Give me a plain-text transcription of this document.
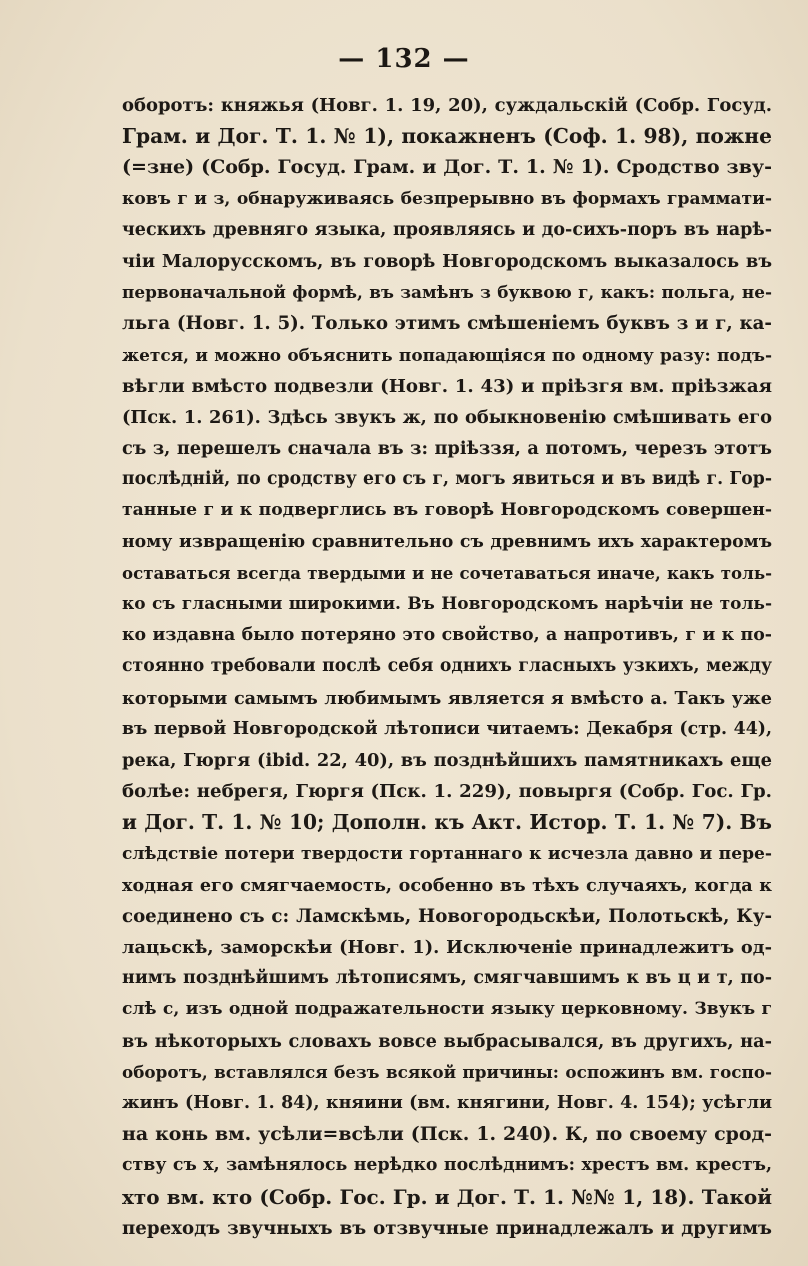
— 132 —
оборотъ: княжья (Новг. 1. 19, 20), суждальскій (Собр. Госуд.
Грам. и Дог. Т. 1. № 1), покажненъ (Соф. 1. 98), пожне
(=зне) (Собр. Госуд. Грам. и Дог. Т. 1. № 1). Сродство зву-
ковъ г и з, обнаруживаясь безпрерывно въ формахъ граммати-
ческихъ древняго языка, проявляясь и до-сихъ-поръ въ нарѣ-
чіи Малорусскомъ, въ говорѣ Новгородскомъ выказалось въ
первоначальной формѣ, въ замѣнъ з буквою г, какъ: польга, не-
льга (Новг. 1. 5). Только этимъ смѣшеніемъ буквъ з и г, ка-
жется, и можно объяснить попадающіяся по одному разу: подъ-
вѣгли вмѣсто подвезли (Новг. 1. 43) и пріѣзгя вм. пріѣзжая
(Пск. 1. 261). Здѣсь звукъ ж, по обыкновенію смѣшивать его
съ з, перешелъ сначала въ з: пріѣззя, а потомъ, черезъ этотъ
послѣдній, по сродству его съ г, могъ явиться и въ видѣ г. Гор-
танные г и к подверглись въ говорѣ Новгородскомъ совершен-
ному извращенію сравнительно съ древнимъ ихъ характеромъ
оставаться всегда твердыми и не сочетаваться иначе, какъ толь-
ко съ гласными широкими. Въ Новгородскомъ нарѣчіи не толь-
ко издавна было потеряно это свойство, а напротивъ, г и к по-
стоянно требовали послѣ себя однихъ гласныхъ узкихъ, между
которыми самымъ любимымъ является я вмѣсто а. Такъ уже
въ первой Новгородской лѣтописи читаемъ: Декабря (стр. 44),
река, Гюргя (ibid. 22, 40), въ позднѣйшихъ памятникахъ еще
болѣе: небрегя, Гюргя (Пск. 1. 229), повыргя (Собр. Гос. Гр.
и Дог. Т. 1. № 10; Дополн. къ Акт. Истор. Т. 1. № 7). Въ
слѣдствіе потери твердости гортаннаго к исчезла давно и пере-
ходная его смягчаемость, особенно въ тѣхъ случаяхъ, когда к
соединено съ с: Ламскѣмь, Новогородьскѣи, Полотьскѣ, Ку-
лацьскѣ, заморскѣи (Новг. 1). Исключеніе принадлежитъ од-
нимъ позднѣйшимъ лѣтописямъ, смягчавшимъ к въ ц и т, по-
слѣ с, изъ одной подражательности языку церковному. Звукъ г
въ нѣкоторыхъ словахъ вовсе выбрасывался, въ другихъ, на-
оборотъ, вставлялся безъ всякой причины: оспожинъ вм. госпо-
жинъ (Новг. 1. 84), княини (вм. княгини, Новг. 4. 154); усѣгли
на конь вм. усѣли=всѣли (Пск. 1. 240). К, по своему срод-
ству съ х, замѣнялось нерѣдко послѣднимъ: хрестъ вм. крестъ,
хто вм. кто (Собр. Гос. Гр. и Дог. Т. 1. №№ 1, 18). Такой
переходъ звучныхъ въ отзвучные принадлежалъ и другимъ
